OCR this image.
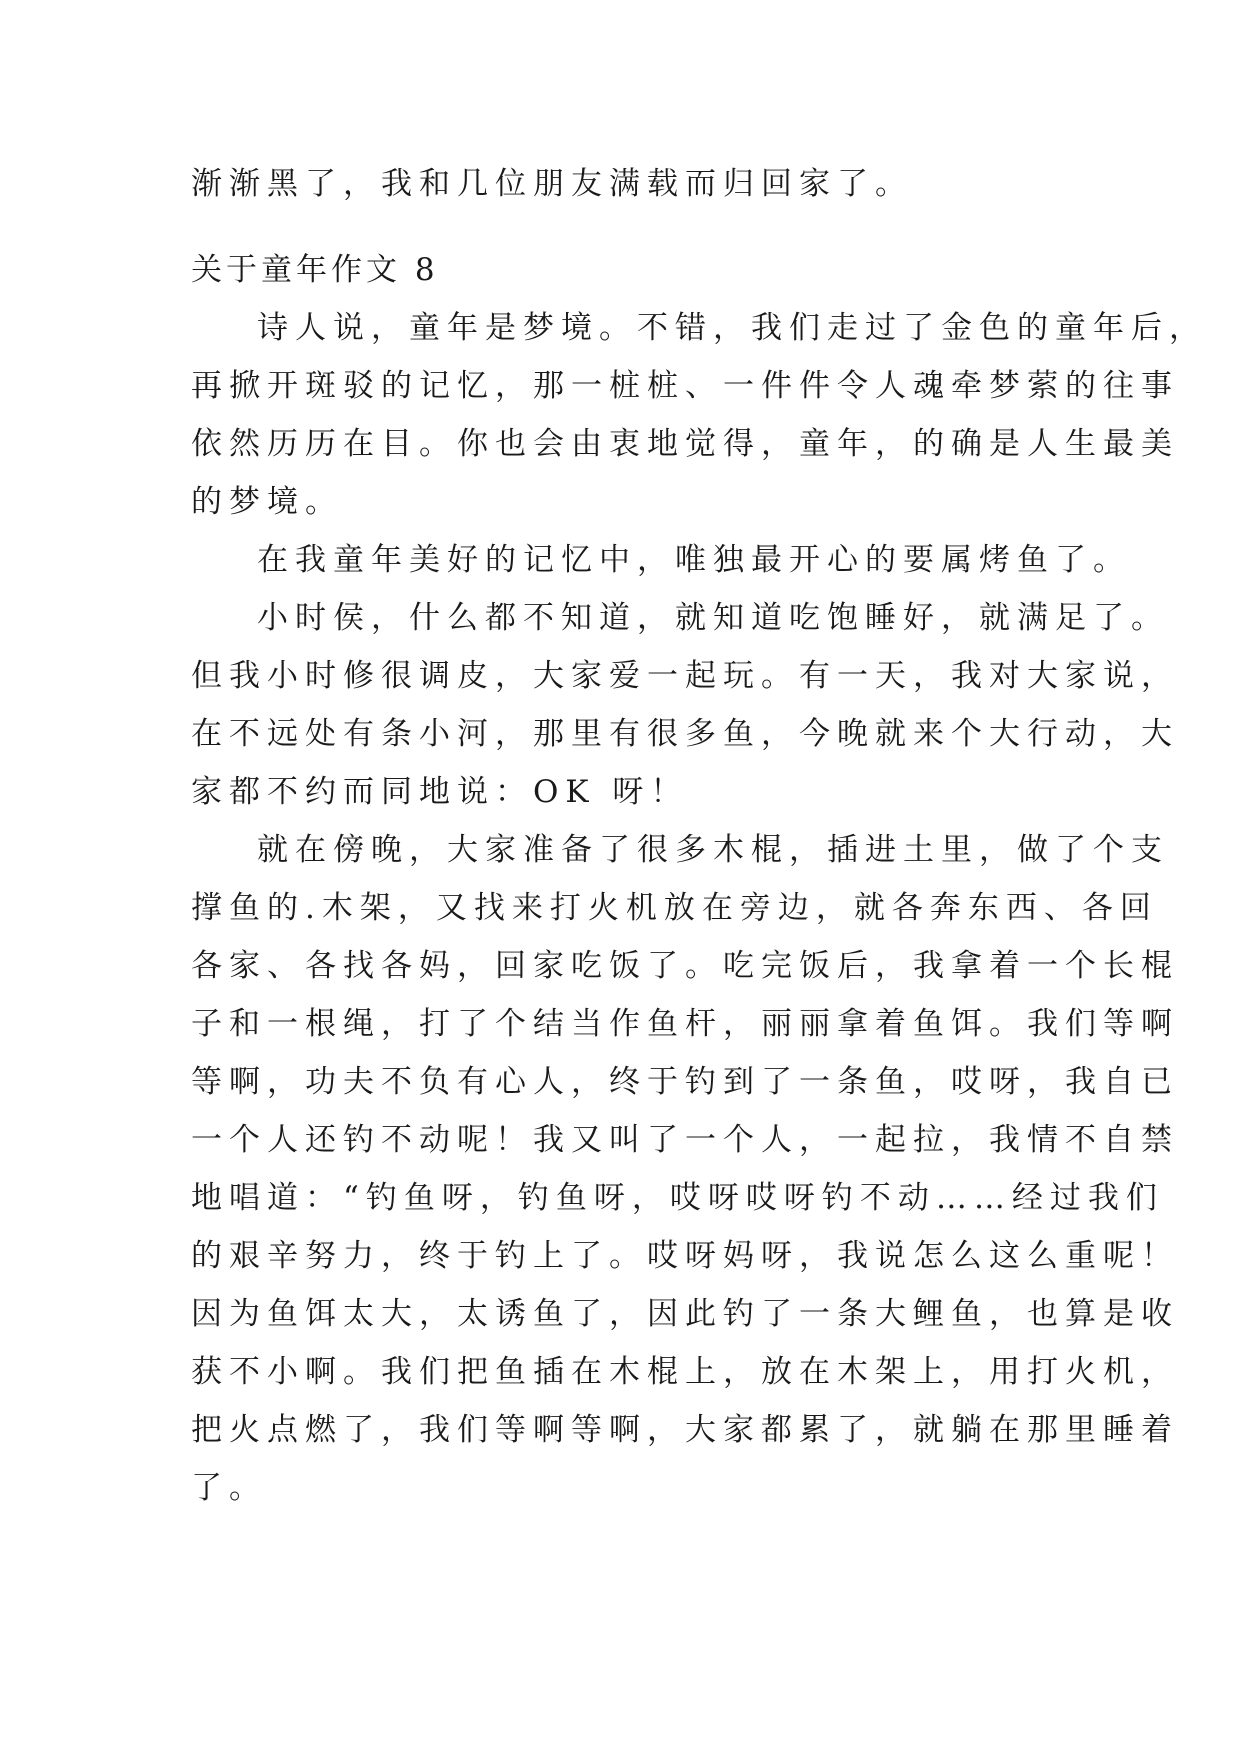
渐渐黑了，我和几位朋友满载而归回家了。

关于童年作文 8

诗人说，童年是梦境。不错，我们走过了金色的童年后，

再掀开斑驳的记忆，那一桩桩、一件件令人魂牵梦萦的往事

依然历历在目。你也会由衷地觉得，童年，的确是人生最美

的梦境。

在我童年美好的记忆中，唯独最开心的要属烤鱼了。

小时侯，什么都不知道，就知道吃饱睡好，就满足了。

但我小时修很调皮，大家爱一起玩。有一天，我对大家说，

在不远处有条小河，那里有很多鱼，今晚就来个大行动，大

家都不约而同地说：OK 呀！

就在傍晚，大家准备了很多木棍，插进土里，做了个支

撑鱼的.木架，又找来打火机放在旁边，就各奔东西、各回

各家、各找各妈，回家吃饭了。吃完饭后，我拿着一个长棍

子和一根绳，打了个结当作鱼杆，丽丽拿着鱼饵。我们等啊

等啊，功夫不负有心人，终于钓到了一条鱼，哎呀，我自已

一个人还钓不动呢！我又叫了一个人，一起拉，我情不自禁

地唱道：“钓鱼呀，钓鱼呀，哎呀哎呀钓不动……经过我们

的艰辛努力，终于钓上了。哎呀妈呀，我说怎么这么重呢！

因为鱼饵太大，太诱鱼了，因此钓了一条大鲤鱼，也算是收

获不小啊。我们把鱼插在木棍上，放在木架上，用打火机，

把火点燃了，我们等啊等啊，大家都累了，就躺在那里睡着

了。
